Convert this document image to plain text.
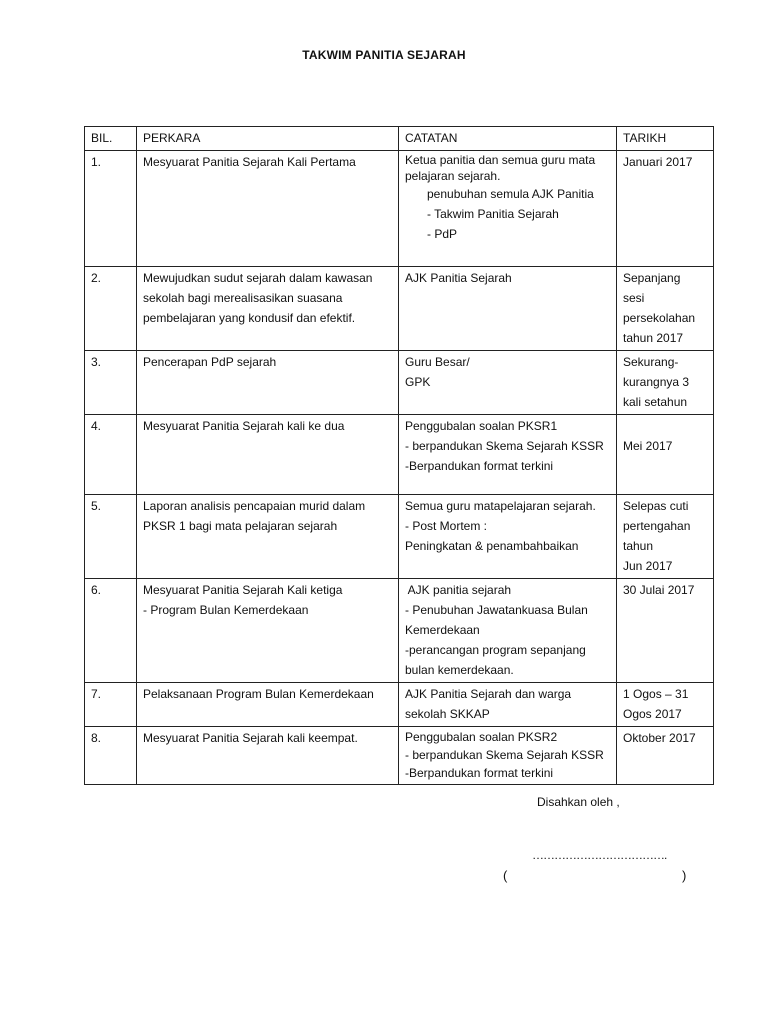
TAKWIM PANITIA SEJARAH
BIL.	PERKARA	CATATAN	TARIKH

1.	Mesyuarat Panitia Sejarah Kali Pertama	Ketua panitia dan semua guru mata
pelajaran sejarah.
penubuhan semula AJK Panitia
- Takwim Panitia Sejarah
- PdP	Januari 2017

2.	Mewujudkan sudut sejarah dalam kawasan
sekolah bagi merealisasikan suasana
pembelajaran yang kondusif dan efektif.	AJK Panitia Sejarah	Sepanjang
sesi
persekolahan
tahun 2017

3.	Pencerapan PdP sejarah	Guru Besar/
GPK	Sekurang-
kurangnya 3
kali setahun

4.	Mesyuarat Panitia Sejarah kali ke dua	Penggubalan soalan PKSR1
- berpandukan Skema Sejarah KSSR
-Berpandukan format terkini	Mei 2017

5.	Laporan analisis pencapaian murid dalam
PKSR 1 bagi mata pelajaran sejarah	Semua guru matapelajaran sejarah.
- Post Mortem :
Peningkatan & penambahbaikan	Selepas cuti
pertengahan
tahun
Jun 2017

6.	Mesyuarat Panitia Sejarah Kali ketiga
- Program Bulan Kemerdekaan	AJK panitia sejarah
- Penubuhan Jawatankuasa Bulan
Kemerdekaan
-perancangan program sepanjang
bulan kemerdekaan.	30 Julai 2017

7.	Pelaksanaan Program Bulan Kemerdekaan	AJK Panitia Sejarah dan warga
sekolah SKKAP	1 Ogos – 31
Ogos 2017

8.	Mesyuarat Panitia Sejarah kali keempat.	Penggubalan soalan PKSR2
- berpandukan Skema Sejarah KSSR
-Berpandukan format terkini	Oktober 2017
Disahkan oleh ,
……………………………….
(	)
